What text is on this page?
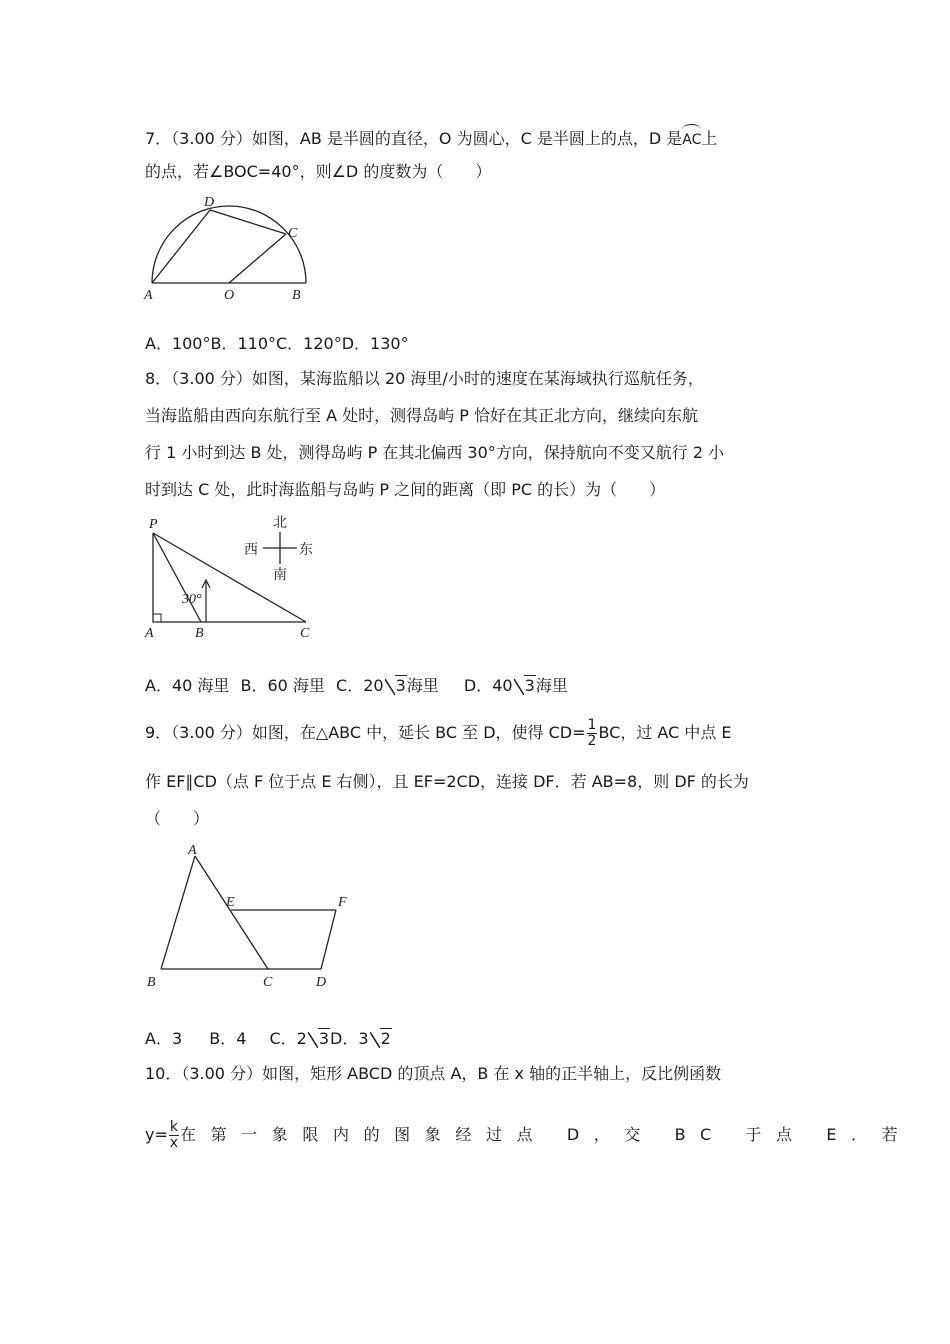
7．（3.00 分）如图，AB 是半圆的直径，O 为圆心，C 是半圆上的点，D 是AC上
的点，若∠BOC=40°，则∠D 的度数为（　　）
D
C
A	O	B
A．100°B．110°C．120°D．130°
8．（3.00 分）如图，某海监船以 20 海里/小时的速度在某海域执行巡航任务，
当海监船由西向东航行至 A 处时，测得岛屿 P 恰好在其正北方向，继续向东航
行 1 小时到达 B 处，测得岛屿 P 在其北偏西 30°方向，保持航向不变又航行 2 小
时到达 C 处，此时海监船与岛屿 P 之间的距离（即 PC 的长）为（　　）
30°
P
A	B	C
北
西	东
南
A．40 海里 B．60 海里 C．20 3海里 D．40 3海里
9．（3.00 分）如图，在△ABC 中，延长 BC 至 D，使得 $CD= \frac{1}{2}$ BC，过 AC 中点 E
作 EF∥CD（点 F 位于点 E 右侧），且 EF=2CD，连接 DF．若 AB=8，则 DF 的长为
（　　）
A
E	F
B	C	D
A．3 B．4 C．2 3D．3 2
10．（3.00 分）如图，矩形 ABCD 的顶点 A，B 在 x 轴的正半轴上，反比例函数
$y= \frac{k}{x}$ 在第一象限内的图象经过点 D，交 BC 于点 E．若
